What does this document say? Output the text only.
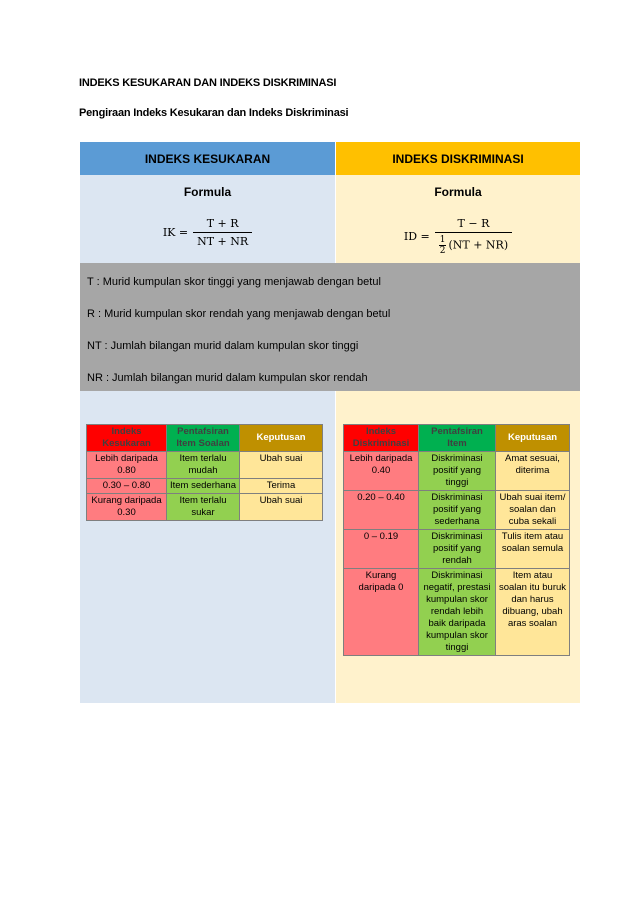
INDEKS KESUKARAN DAN INDEKS DISKRIMINASI
Pengiraan Indeks Kesukaran dan Indeks Diskriminasi
INDEKS KESUKARAN	INDEKS DISKRIMINASI
Formula
IK = $\frac{T + R}{NT + NR}$
Formula
ID = $\frac{T - R}{\frac{1}{2} (NT + NR)}$
T : Murid kumpulan skor tinggi yang menjawab dengan betul
R : Murid kumpulan skor rendah yang menjawab dengan betul
NT : Jumlah bilangan murid dalam kumpulan skor tinggi
NR : Jumlah bilangan murid dalam kumpulan skor rendah
Indeks Kesukaran	Pentafsiran Item Soalan	Keputusan
Lebih daripada 0.80	Item terlalu mudah	Ubah suai
0.30 – 0.80	Item sederhana	Terima
Kurang daripada 0.30	Item terlalu sukar	Ubah suai
Indeks Diskriminasi	Pentafsiran Item	Keputusan
Lebih daripada 0.40	Diskriminasi positif yang tinggi	Amat sesuai, diterima
0.20 – 0.40	Diskriminasi positif yang sederhana	Ubah suai item/ soalan dan cuba sekali
0 – 0.19	Diskriminasi positif yang rendah	Tulis item atau soalan semula
Kurang daripada 0	Diskriminasi negatif, prestasi kumpulan skor rendah lebih baik daripada kumpulan skor tinggi	Item atau soalan itu buruk dan harus dibuang, ubah aras soalan
